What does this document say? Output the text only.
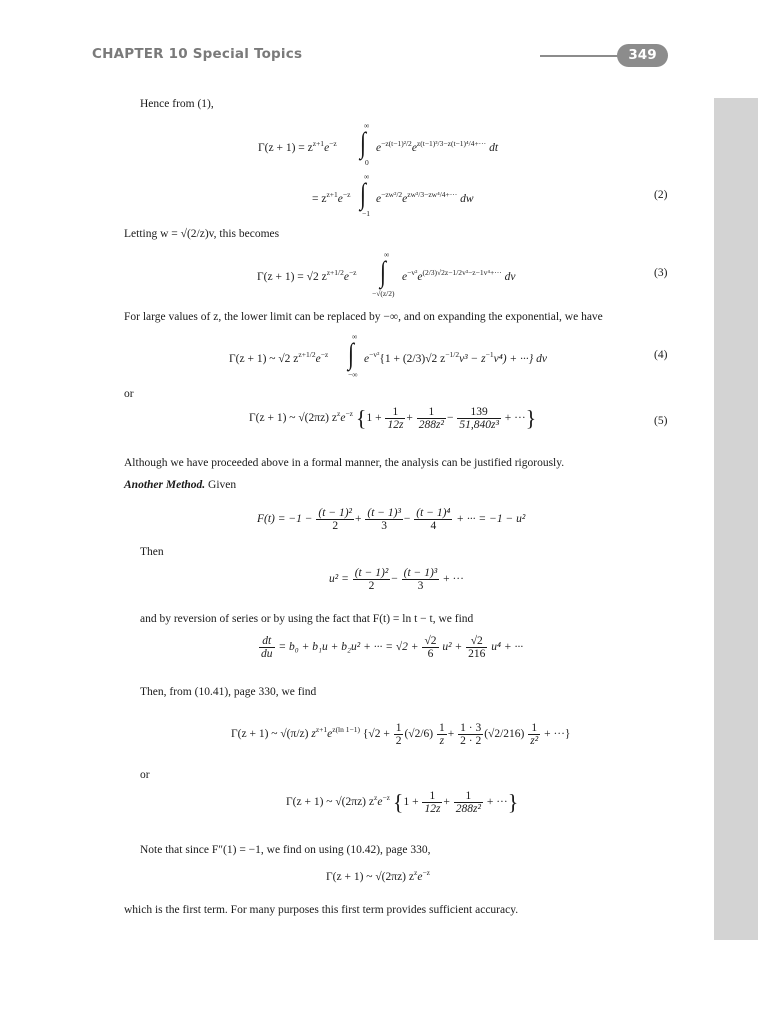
CHAPTER 10 Special Topics	349
Hence from (1),
$\Gamma(z + 1) = z^{z+1}e^{-z}$
∞
∫
0
$e^{-z(t-1)^2/2}e^{z(t-1)^3/3-z(t-1)^4/4+\cdot\cdot\cdot}$ dt
= $z^{z+1}e^{-z}$
∞
∫
−1
$e^{-zw^2/2}e^{zw^3/3-zw^4/4+\cdot\cdot\cdot}$ dw	(2)
Letting w = √(2/z)v, this becomes
Γ(z + 1) = √2 $z^{z+1/2}e^{-z}$
∞
∫
−√(z/2)
$e^{-v^2}e^{(2/3)√2z-1/2v^3-z-1v^4+\cdot\cdot\cdot}$ dv	(3)
For large values of z, the lower limit can be replaced by −∞, and on expanding the exponential, we have
Γ(z + 1) ~ √2 $z^{z+1/2}e^{-z}$
∞
∫
−∞
$e^{-v^2}\{1 + (2/3)√2$ $z^{-1/2}v^3 - z^{-1}v^4$) + ···} dv	(4)
or
Γ(z + 1) ~ √(2πz) $z^ze^{-z}$ {$1 + \frac{1}{12z} + \frac{1}{\text{288z²}} - \frac{139}{\text{51,840z³}}$ + ···}	(5)
Although we have proceeded above in a formal manner, the analysis can be justified rigorously.
Another Method. Given
$F(t) = -1 - \frac{\text{(t − 1)²}}{2} + \frac{\text{(t − 1)³}}{3} - \frac{\text{(t − 1)⁴}}{4}$ + ··· = −1 − u²
Then
$u^2 = \frac{\text{(t − 1)²}}{2} - \frac{\text{(t − 1)³}}{3}$ + ···
and by reversion of series or by using the fact that F(t) = ln t − t, we find
$\frac{dt}{du} = b_0 + b_1u + b_2u^2$ + ··· = $√2 + \frac{√2}{6} u^2 + \frac{√2}{216} u^4$ + ···
Then, from (10.41), page 330, we find
Γ(z + 1) ~ √(π/z) $z^{z+1}e^{z(ln 1-1)}$ {$√2 + \frac{1}{2} (√2/6) \frac{1}{z} + \frac{1 \cdot 3}{2 \cdot 2} (√2/216) \frac{1}{\text{z²}}$ + ···}
or
Γ(z + 1) ~ √(2πz) $z^ze^{-z}$ {$1 + \frac{1}{12z} + \frac{1}{\text{288z²}}$ + ···}
Note that since F″(1) = −1, we find on using (10.42), page 330,
Γ(z + 1) ~ √(2πz) $z^ze^{-z}$
which is the first term. For many purposes this first term provides sufficient accuracy.
